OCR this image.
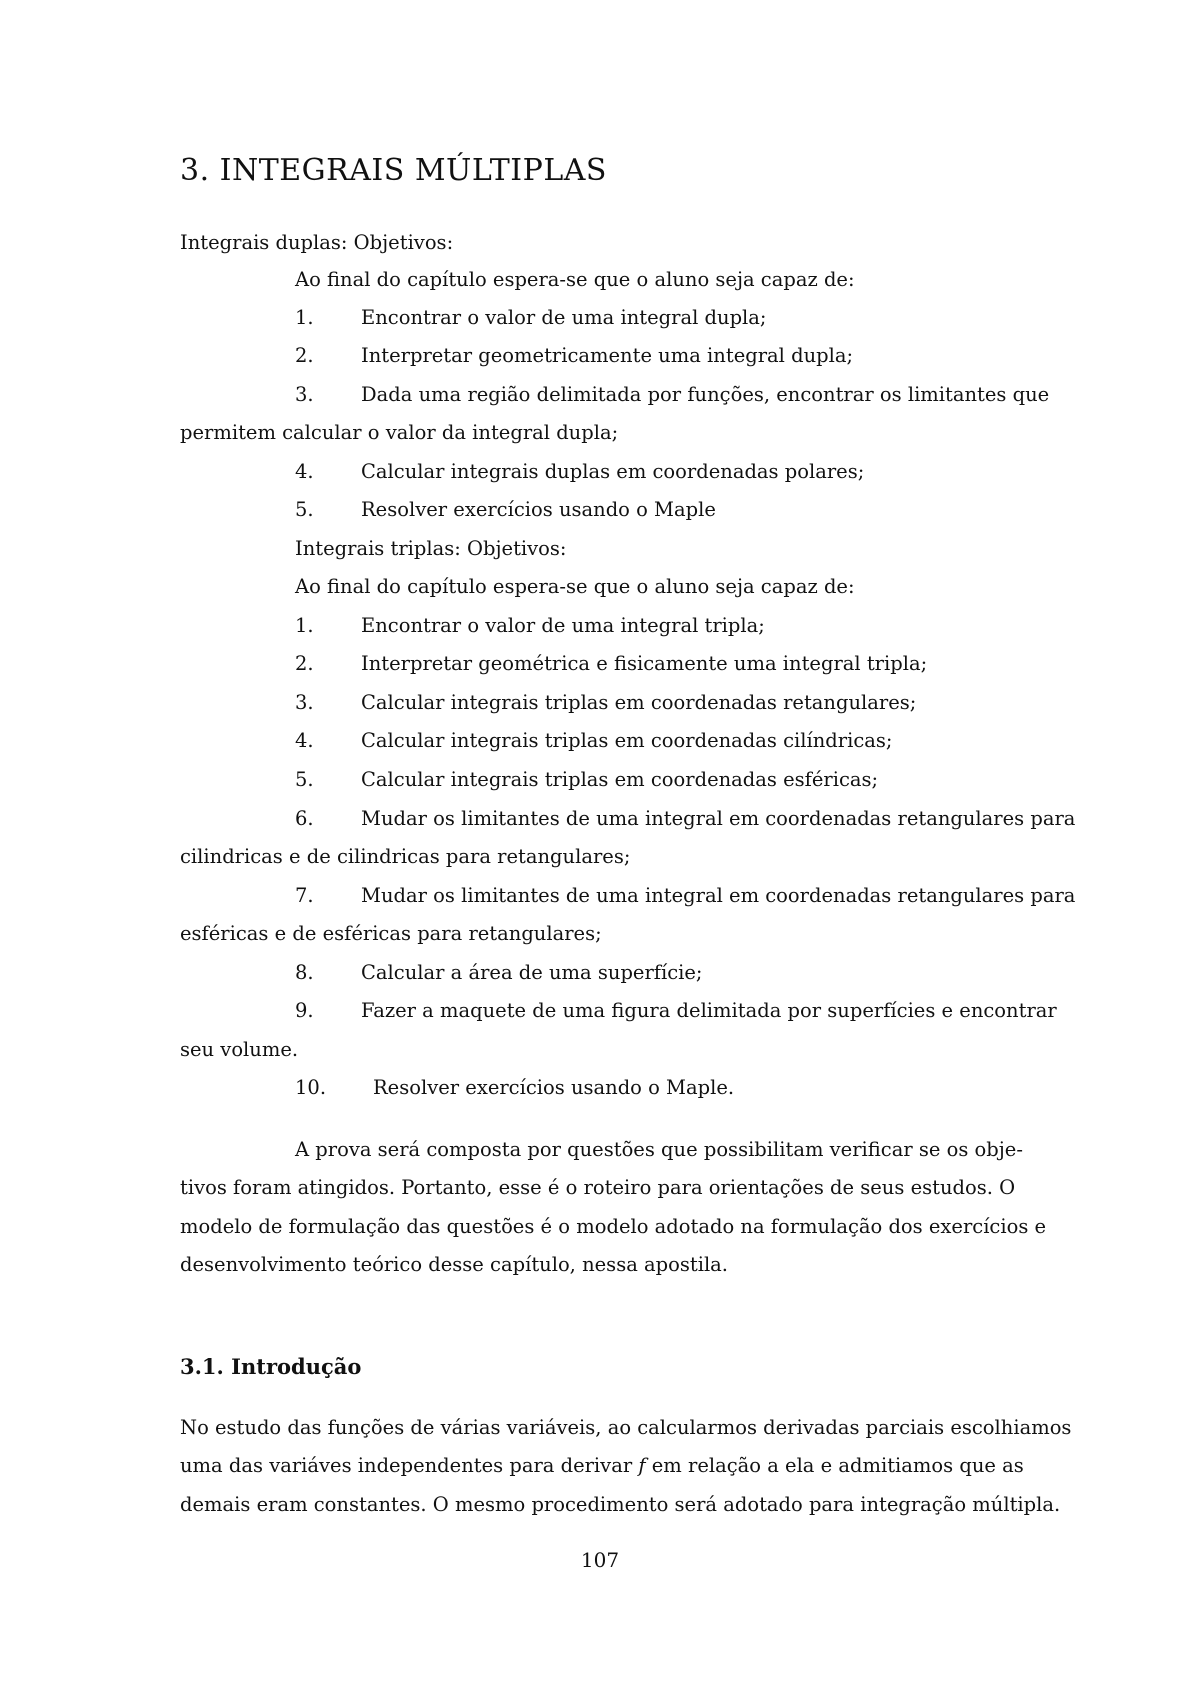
3. INTEGRAIS MÚLTIPLAS
Integrais duplas: Objetivos:
Ao final do capítulo espera-se que o aluno seja capaz de:
1. Encontrar o valor de uma integral dupla;
2. Interpretar geometricamente uma integral dupla;
3. Dada uma região delimitada por funções, encontrar os limitantes que
permitem calcular o valor da integral dupla;
4. Calcular integrais duplas em coordenadas polares;
5. Resolver exercícios usando o Maple
Integrais triplas: Objetivos:
Ao final do capítulo espera-se que o aluno seja capaz de:
1. Encontrar o valor de uma integral tripla;
2. Interpretar geométrica e fisicamente uma integral tripla;
3. Calcular integrais triplas em coordenadas retangulares;
4. Calcular integrais triplas em coordenadas cilíndricas;
5. Calcular integrais triplas em coordenadas esféricas;
6. Mudar os limitantes de uma integral em coordenadas retangulares para
cilindricas e de cilindricas para retangulares;
7. Mudar os limitantes de uma integral em coordenadas retangulares para
esféricas e de esféricas para retangulares;
8. Calcular a área de uma superfície;
9. Fazer a maquete de uma figura delimitada por superfícies e encontrar
seu volume.
10. Resolver exercícios usando o Maple.
A prova será composta por questões que possibilitam verificar se os obje-
tivos foram atingidos. Portanto, esse é o roteiro para orientações de seus estudos. O
modelo de formulação das questões é o modelo adotado na formulação dos exercícios e
desenvolvimento teórico desse capítulo, nessa apostila.
3.1. Introdução
No estudo das funções de várias variáveis, ao calcularmos derivadas parciais escolhiamos
uma das variáves independentes para derivar f em relação a ela e admitiamos que as
demais eram constantes. O mesmo procedimento será adotado para integração múltipla.
107
